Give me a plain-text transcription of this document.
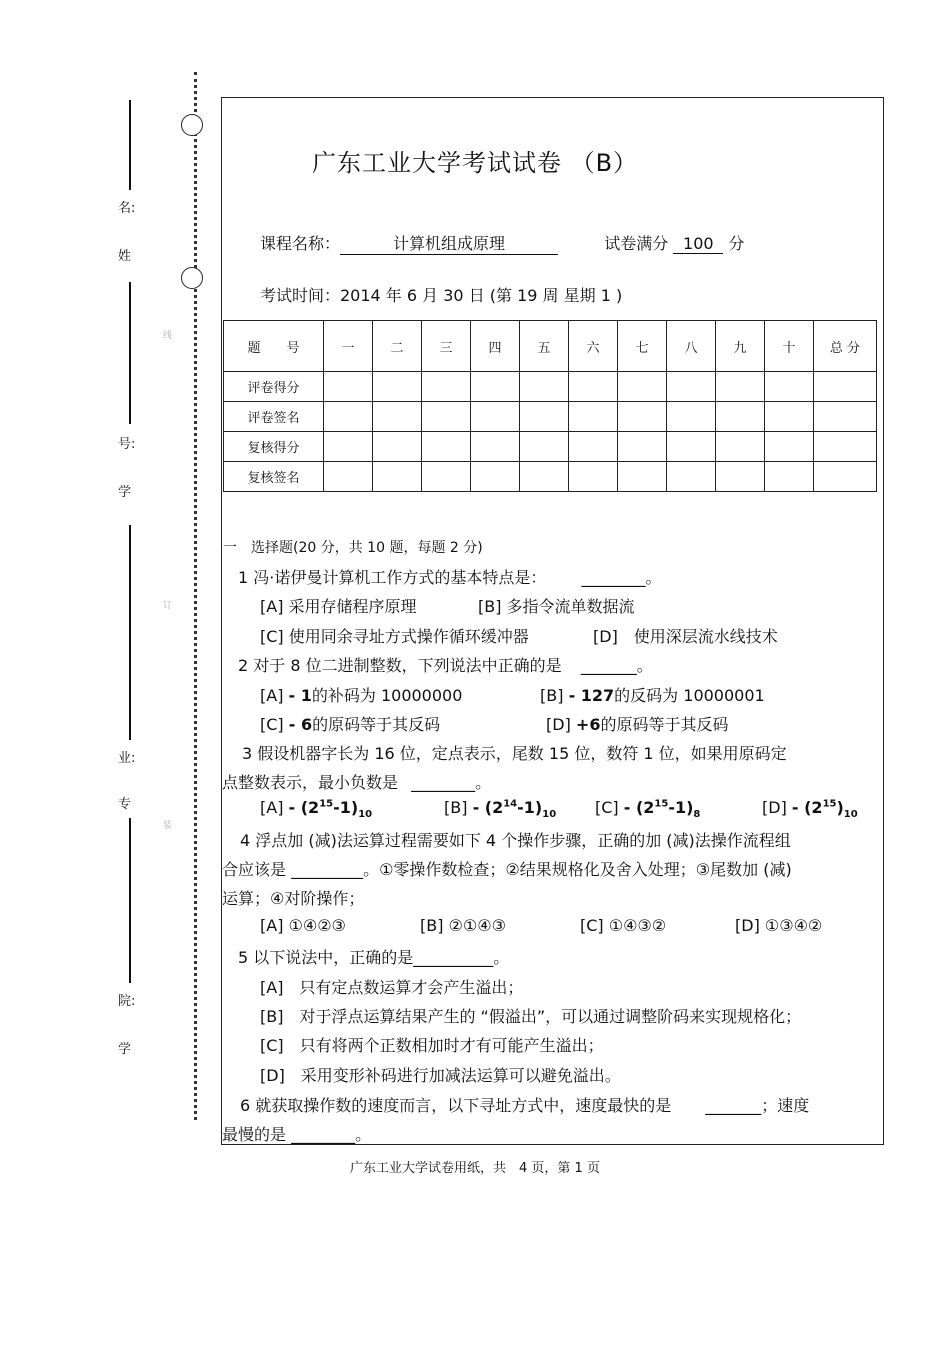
姓
名:
学
号:
专
业:
学
院:
线
订
装
广东工业大学考试试卷 （B）
课程名称：	计算机组成原理	试卷满分 100 分
考试时间：2014 年 6 月 30 日 (第 19 周 星期 1 )
题　　号	一	二	三	四	五	六	七	八	九	十	总 分
评卷得分											
评卷签名											
复核得分											
复核签名											
一　选择题(20 分，共 10 题，每题 2 分)
1 冯·诺伊曼计算机工作方式的基本特点是： ________。
[A] 采用存储程序原理	[B] 多指令流单数据流
[C] 使用同余寻址方式操作循环缓冲器	[D]　使用深层流水线技术
2 对于 8 位二进制整数，下列说法中正确的是 _______。
[A] - 1的补码为 10000000	[B] - 127的反码为 10000001
[C] - 6的原码等于其反码	[D] +6的原码等于其反码
3 假设机器字长为 16 位，定点表示，尾数 15 位，数符 1 位，如果用原码定
点整数表示，最小负数是 ________。
$[A] - (2^{15}-1)_{10}$	$[B] - (2^{14}-1)_{10}$ $[C] - (2^{15}-1)_8$	$[D] - (2^{15})_{10}$
4 浮点加 (减)法运算过程需要如下 4 个操作步骤，正确的加 (减)法操作流程组
合应该是 _________。①零操作数检查；②结果规格化及舍入处理；③尾数加 (减)
运算；④对阶操作；
[A] ①④②③	[B] ②①④③	[C] ①④③②	[D] ①③④②
5 以下说法中，正确的是__________。
[A]　只有定点数运算才会产生溢出；
[B]　对于浮点运算结果产生的 “假溢出”，可以通过调整阶码来实现规格化；
[C]　只有将两个正数相加时才有可能产生溢出；
[D]　采用变形补码进行加减法运算可以避免溢出。
6 就获取操作数的速度而言，以下寻址方式中，速度最快的是 _______；速度
最慢的是 ________。
广东工业大学试卷用纸，共　4 页，第 1 页
